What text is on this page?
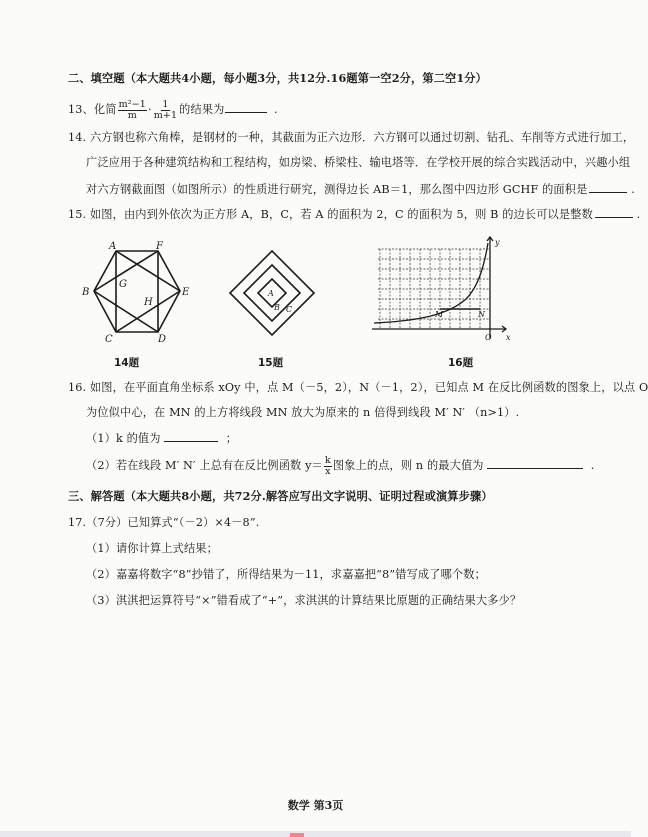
二、填空题（本大题共4小题，每小题3分，共12分.16题第一空2分，第二空1分）
13、化简 $\frac{\text{m²−1}}{m} \cdot \frac{1}{m+1}$ 的结果为	.
14. 六方钢也称六角棒，是钢材的一种，其截面为正六边形．六方钢可以通过切割、钻孔、车削等方式进行加工，
广泛应用于各种建筑结构和工程结构，如房梁、桥梁柱、输电塔等．在学校开展的综合实践活动中，兴趣小组
对六方钢截面图（如图所示）的性质进行研究，测得边长 AB＝1，那么图中四边形 GCHF 的面积是	.
15. 如图，由内到外依次为正方形 A，B，C，若 A 的面积为 2，C 的面积为 5，则 B 的边长可以是整数	.
A	F
B
G
H
E
C	D
14题
A
B C
15题
y
M	N
O x
16题
16. 如图，在平面直角坐标系 xOy 中，点 M（－5，2），N（－1，2），已知点 M 在反比例函数的图象上，以点 O
为位似中心，在 MN 的上方将线段 MN 放大为原来的 n 倍得到线段 M′ N′ （n>1）.
（1）k 的值为	；
（2）若在线段 M′ N′ 上总有在反比例函数 $y= \frac{k}{x}$ 图象上的点，则 n 的最大值为	.
三、解答题（本大题共8小题，共72分.解答应写出文字说明、证明过程或演算步骤）
17.（7分）已知算式“（－2）×4－8”.
（1）请你计算上式结果；
（2）嘉嘉将数字“8”抄错了，所得结果为－11，求嘉嘉把“8”错写成了哪个数；
（3）淇淇把运算符号“×”错看成了“+”，求淇淇的计算结果比原题的正确结果大多少？
数学 第3页
